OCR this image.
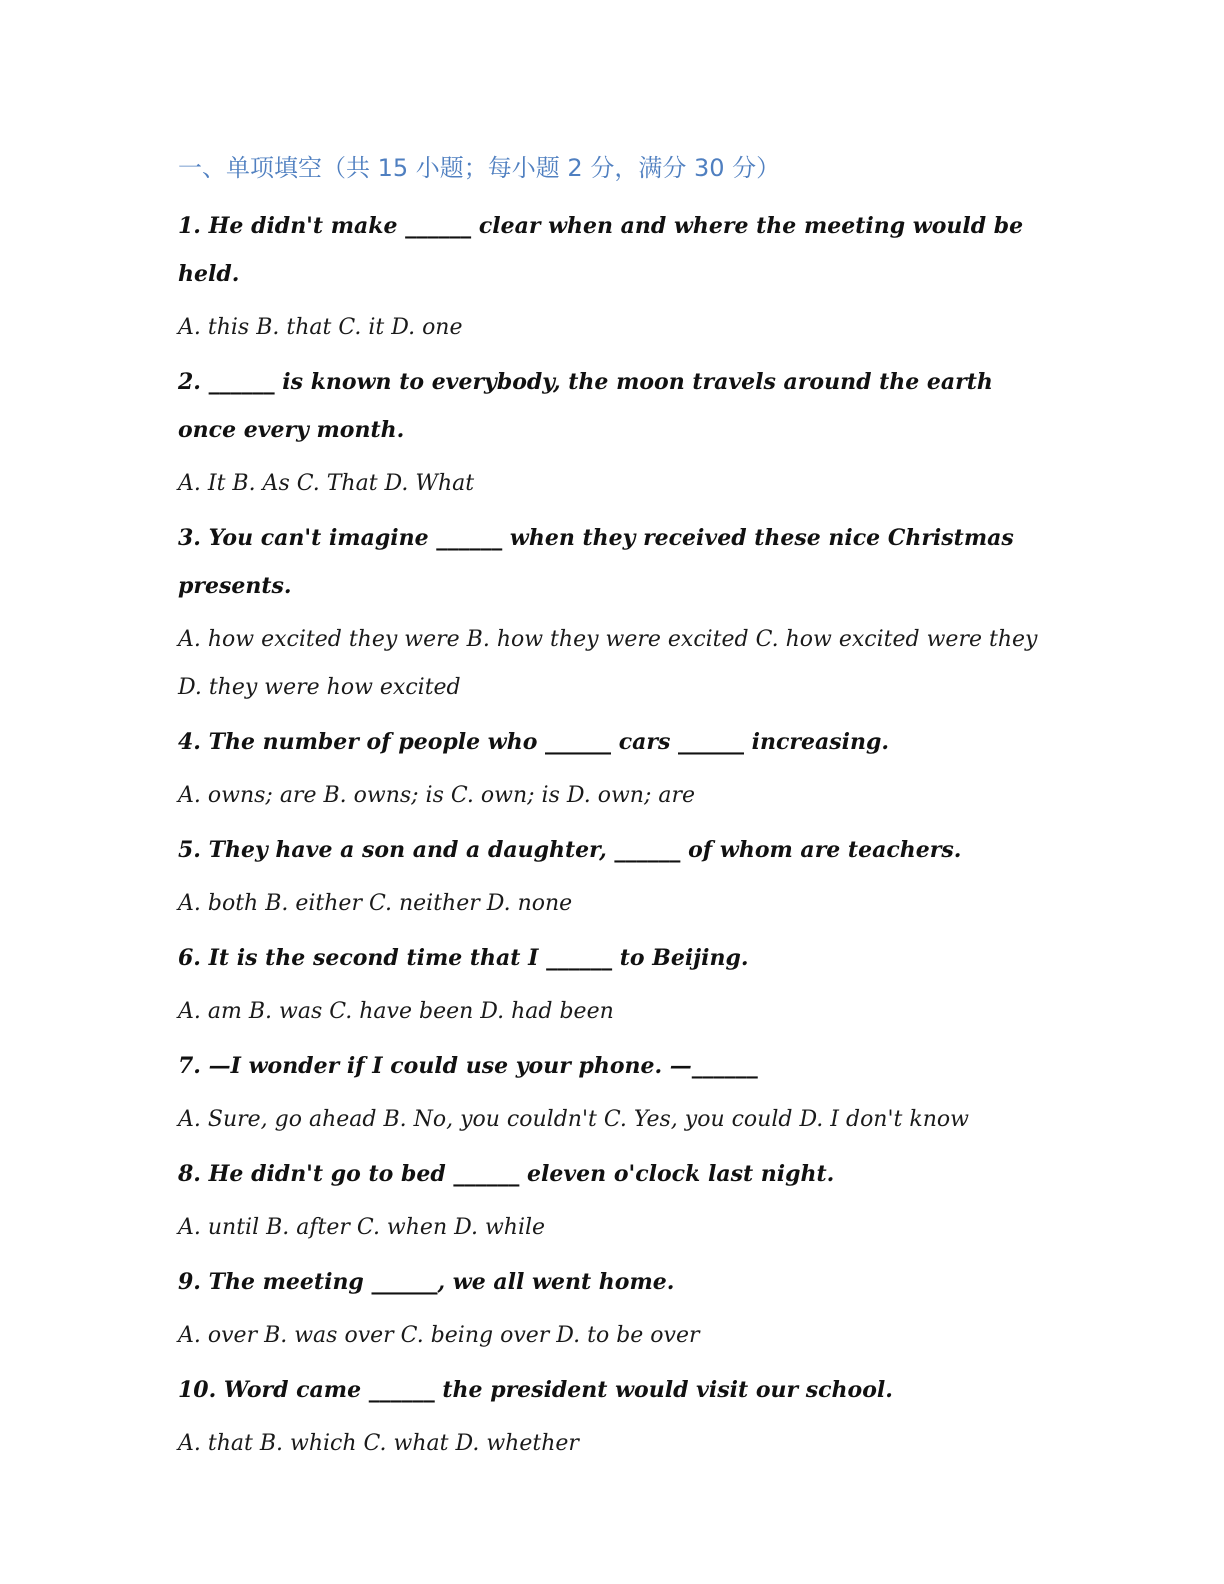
一、单项填空（共 15 小题；每小题 2 分，满分 30 分）

1. He didn't make ______ clear when and where the meeting would be held.

A. this B. that C. it D. one

2. ______ is known to everybody, the moon travels around the earth once every month.

A. It B. As C. That D. What

3. You can't imagine ______ when they received these nice Christmas presents.

A. how excited they were B. how they were excited C. how excited were they D. they were how excited

4. The number of people who ______ cars ______ increasing.

A. owns; are B. owns; is C. own; is D. own; are

5. They have a son and a daughter, ______ of whom are teachers.

A. both B. either C. neither D. none

6. It is the second time that I ______ to Beijing.

A. am B. was C. have been D. had been

7. —I wonder if I could use your phone. —______

A. Sure, go ahead B. No, you couldn't C. Yes, you could D. I don't know

8. He didn't go to bed ______ eleven o'clock last night.

A. until B. after C. when D. while

9. The meeting ______, we all went home.

A. over B. was over C. being over D. to be over

10. Word came ______ the president would visit our school.

A. that B. which C. what D. whether
